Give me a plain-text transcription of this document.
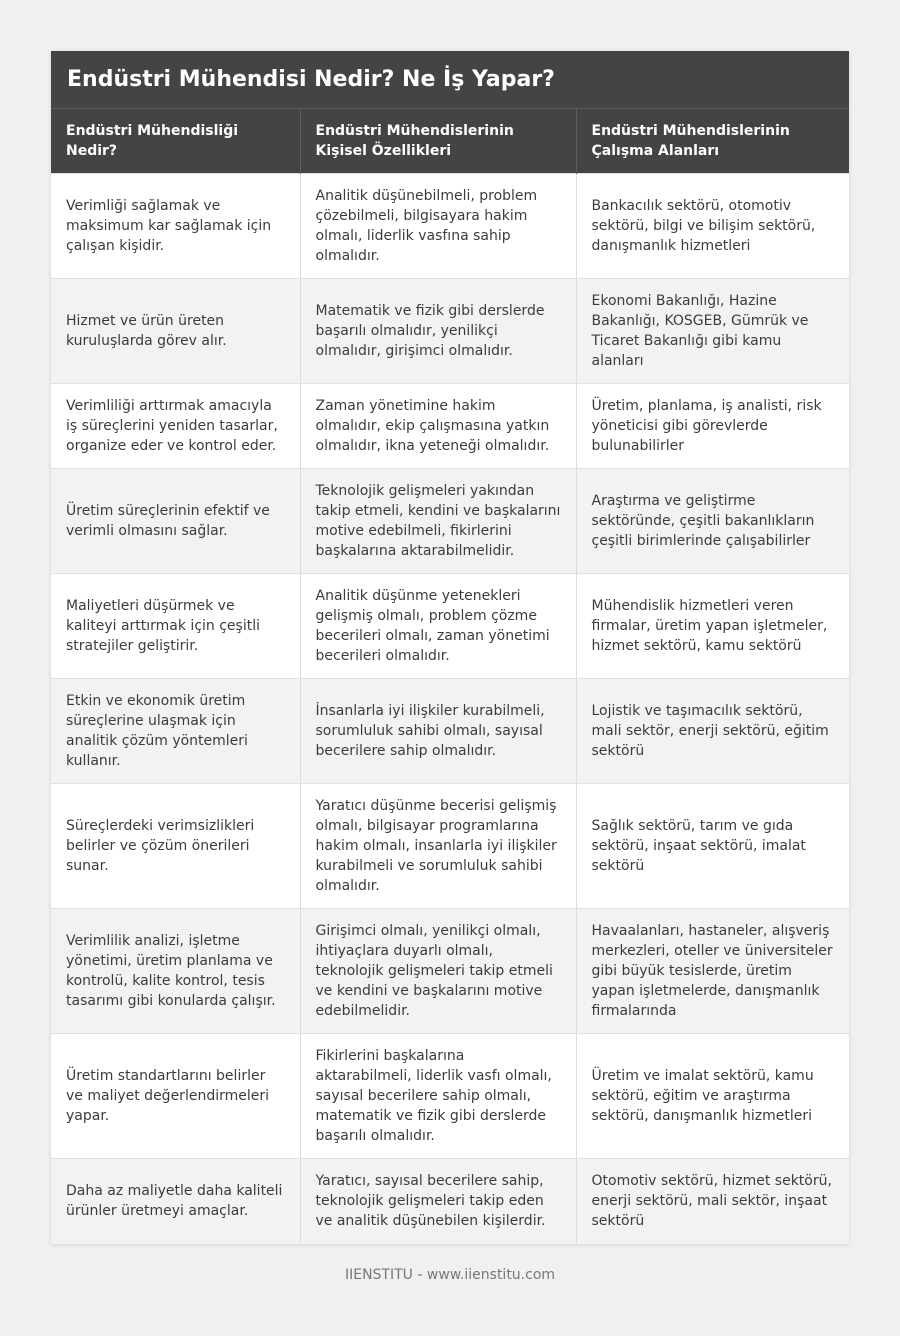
Endüstri Mühendisi Nedir? Ne İş Yapar?
Endüstri Mühendisliği Nedir?	Endüstri Mühendislerinin Kişisel Özellikleri	Endüstri Mühendislerinin Çalışma Alanları
Verimliği sağlamak ve maksimum kar sağlamak için çalışan kişidir.	Analitik düşünebilmeli, problem çözebilmeli, bilgisayara hakim olmalı, liderlik vasfına sahip olmalıdır.	Bankacılık sektörü, otomotiv sektörü, bilgi ve bilişim sektörü, danışmanlık hizmetleri
Hizmet ve ürün üreten kuruluşlarda görev alır.	Matematik ve fizik gibi derslerde başarılı olmalıdır, yenilikçi olmalıdır, girişimci olmalıdır.	Ekonomi Bakanlığı, Hazine Bakanlığı, KOSGEB, Gümrük ve Ticaret Bakanlığı gibi kamu alanları
Verimliliği arttırmak amacıyla iş süreçlerini yeniden tasarlar, organize eder ve kontrol eder.	Zaman yönetimine hakim olmalıdır, ekip çalışmasına yatkın olmalıdır, ikna yeteneği olmalıdır.	Üretim, planlama, iş analisti, risk yöneticisi gibi görevlerde bulunabilirler
Üretim süreçlerinin efektif ve verimli olmasını sağlar.	Teknolojik gelişmeleri yakından takip etmeli, kendini ve başkalarını motive edebilmeli, fikirlerini başkalarına aktarabilmelidir.	Araştırma ve geliştirme sektöründe, çeşitli bakanlıkların çeşitli birimlerinde çalışabilirler
Maliyetleri düşürmek ve kaliteyi arttırmak için çeşitli stratejiler geliştirir.	Analitik düşünme yetenekleri gelişmiş olmalı, problem çözme becerileri olmalı, zaman yönetimi becerileri olmalıdır.	Mühendislik hizmetleri veren firmalar, üretim yapan işletmeler, hizmet sektörü, kamu sektörü
Etkin ve ekonomik üretim süreçlerine ulaşmak için analitik çözüm yöntemleri kullanır.	İnsanlarla iyi ilişkiler kurabilmeli, sorumluluk sahibi olmalı, sayısal becerilere sahip olmalıdır.	Lojistik ve taşımacılık sektörü, mali sektör, enerji sektörü, eğitim sektörü
Süreçlerdeki verimsizlikleri belirler ve çözüm önerileri sunar.	Yaratıcı düşünme becerisi gelişmiş olmalı, bilgisayar programlarına hakim olmalı, insanlarla iyi ilişkiler kurabilmeli ve sorumluluk sahibi olmalıdır.	Sağlık sektörü, tarım ve gıda sektörü, inşaat sektörü, imalat sektörü
Verimlilik analizi, işletme yönetimi, üretim planlama ve kontrolü, kalite kontrol, tesis tasarımı gibi konularda çalışır.	Girişimci olmalı, yenilikçi olmalı, ihtiyaçlara duyarlı olmalı, teknolojik gelişmeleri takip etmeli ve kendini ve başkalarını motive edebilmelidir.	Havaalanları, hastaneler, alışveriş merkezleri, oteller ve üniversiteler gibi büyük tesislerde, üretim yapan işletmelerde, danışmanlık firmalarında
Üretim standartlarını belirler ve maliyet değerlendirmeleri yapar.	Fikirlerini başkalarına aktarabilmeli, liderlik vasfı olmalı, sayısal becerilere sahip olmalı, matematik ve fizik gibi derslerde başarılı olmalıdır.	Üretim ve imalat sektörü, kamu sektörü, eğitim ve araştırma sektörü, danışmanlık hizmetleri
Daha az maliyetle daha kaliteli ürünler üretmeyi amaçlar.	Yaratıcı, sayısal becerilere sahip, teknolojik gelişmeleri takip eden ve analitik düşünebilen kişilerdir.	Otomotiv sektörü, hizmet sektörü, enerji sektörü, mali sektör, inşaat sektörü
IIENSTITU - www.iienstitu.com
